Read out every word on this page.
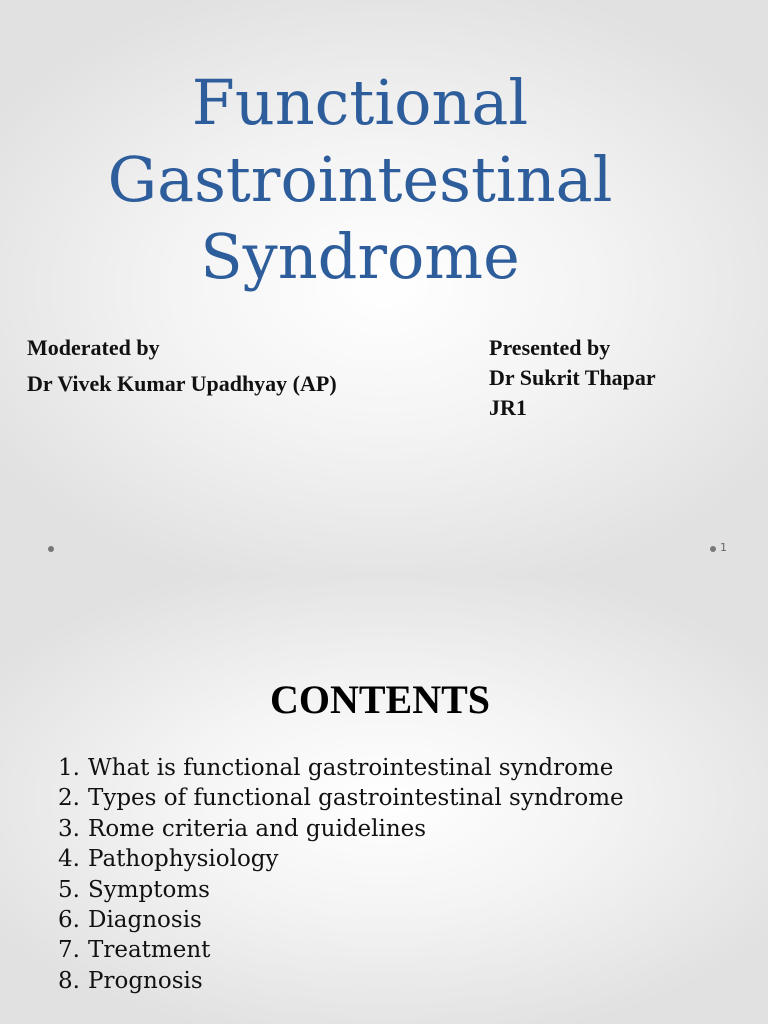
Functional
Gastrointestinal
Syndrome
Moderated by
Dr Vivek Kumar Upadhyay (AP)
Presented by
Dr Sukrit Thapar
JR1
1
CONTENTS
1. What is functional gastrointestinal syndrome
2. Types of functional gastrointestinal syndrome
3. Rome criteria and guidelines
4. Pathophysiology
5. Symptoms
6. Diagnosis
7. Treatment
8. Prognosis
